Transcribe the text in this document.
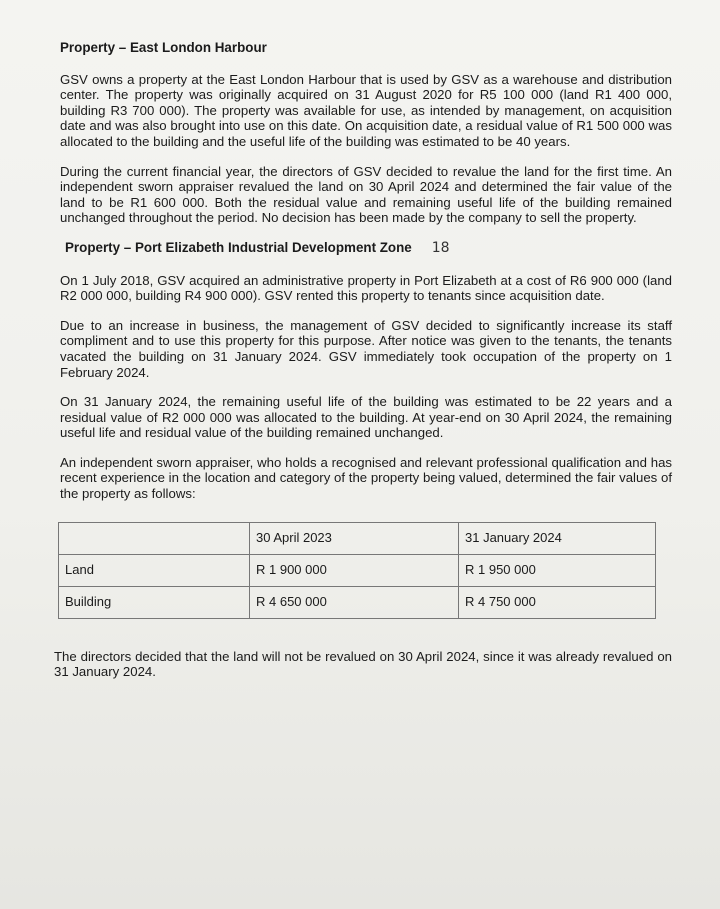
Property – East London Harbour

GSV owns a property at the East London Harbour that is used by GSV as a warehouse and distribution center. The property was originally acquired on 31 August 2020 for R5 100 000 (land R1 400 000, building R3 700 000). The property was available for use, as intended by management, on acquisition date and was also brought into use on this date. On acquisition date, a residual value of R1 500 000 was allocated to the building and the useful life of the building was estimated to be 40 years.

During the current financial year, the directors of GSV decided to revalue the land for the first time. An independent sworn appraiser revalued the land on 30 April 2024 and determined the fair value of the land to be R1 600 000. Both the residual value and remaining useful life of the building remained unchanged throughout the period. No decision has been made by the company to sell the property.

Property – Port Elizabeth Industrial Development Zone 18

On 1 July 2018, GSV acquired an administrative property in Port Elizabeth at a cost of R6 900 000 (land R2 000 000, building R4 900 000). GSV rented this property to tenants since acquisition date.

Due to an increase in business, the management of GSV decided to significantly increase its staff compliment and to use this property for this purpose. After notice was given to the tenants, the tenants vacated the building on 31 January 2024. GSV immediately took occupation of the property on 1 February 2024.

On 31 January 2024, the remaining useful life of the building was estimated to be 22 years and a residual value of R2 000 000 was allocated to the building. At year-end on 30 April 2024, the remaining useful life and residual value of the building remained unchanged.

An independent sworn appraiser, who holds a recognised and relevant professional qualification and has recent experience in the location and category of the property being valued, determined the fair values of the property as follows:

	30 April 2023	31 January 2024
Land	R 1 900 000	R 1 950 000
Building	R 4 650 000	R 4 750 000

The directors decided that the land will not be revalued on 30 April 2024, since it was already revalued on 31 January 2024.
